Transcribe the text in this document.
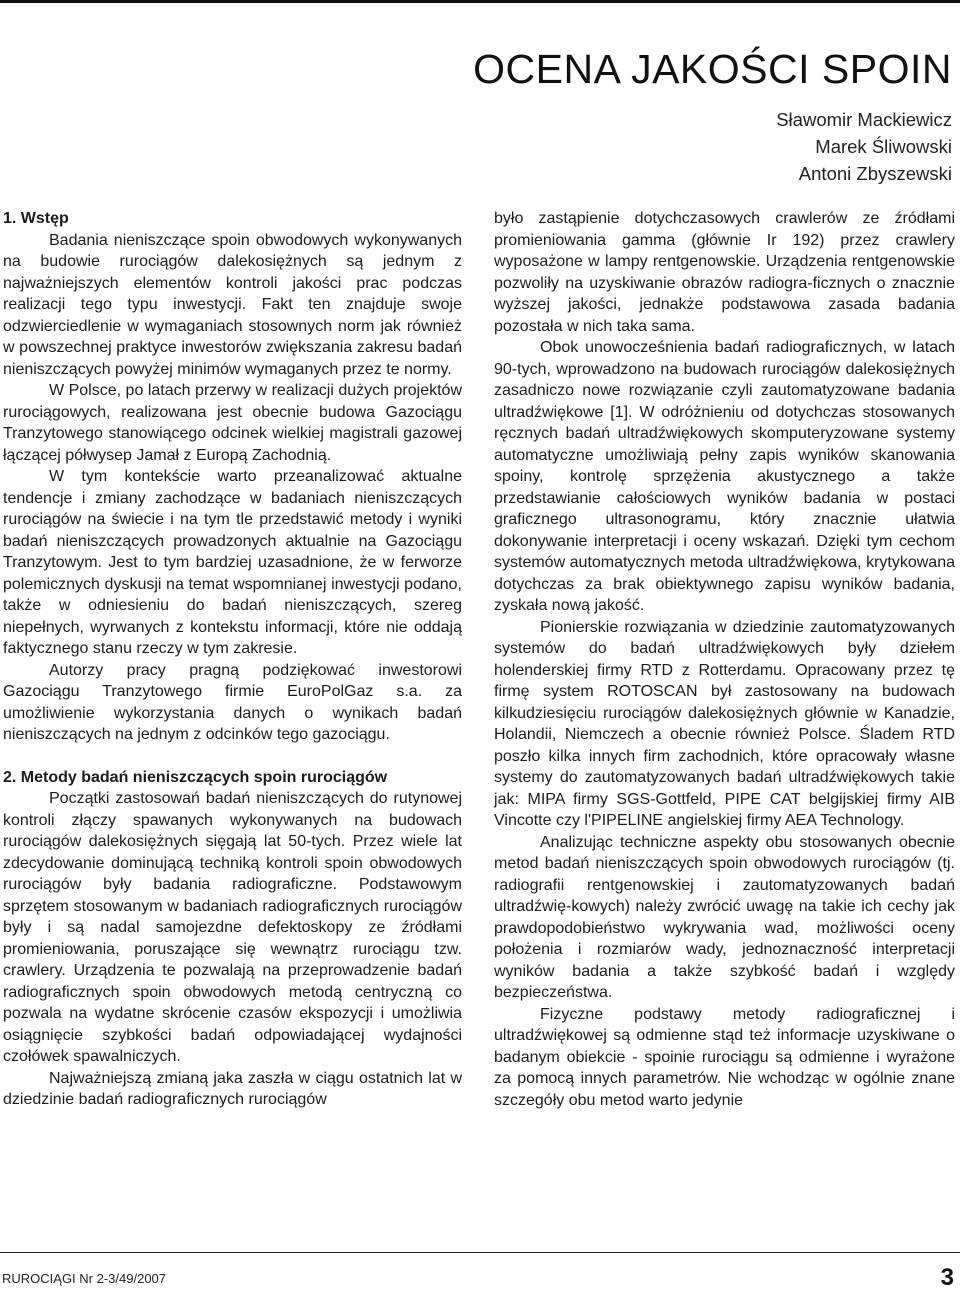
OCENA JAKOŚCI SPOIN
Sławomir Mackiewicz
Marek Śliwowski
Antoni Zbyszewski
1. Wstęp

Badania nieniszczące spoin obwodowych wykonywanych na budowie rurociągów dalekosiężnych są jednym z najważniejszych elementów kontroli jakości prac podczas realizacji tego typu inwestycji. Fakt ten znajduje swoje odzwierciedlenie w wymaganiach stosownych norm jak również w powszechnej praktyce inwestorów zwiększania zakresu badań nieniszczących powyżej minimów wymaganych przez te normy.

W Polsce, po latach przerwy w realizacji dużych projektów rurociągowych, realizowana jest obecnie budowa Gazociągu Tranzytowego stanowiącego odcinek wielkiej magistrali gazowej łączącej półwysep Jamał z Europą Zachodnią.

W tym kontekście warto przeanalizować aktualne tendencje i zmiany zachodzące w badaniach nieniszczących rurociągów na świecie i na tym tle przedstawić metody i wyniki badań nieniszczących prowadzonych aktualnie na Gazociągu Tranzytowym. Jest to tym bardziej uzasadnione, że w ferworze polemicznych dyskusji na temat wspomnianej inwestycji podano, także w odniesieniu do badań nieniszczących, szereg niepełnych, wyrwanych z kontekstu informacji, które nie oddają faktycznego stanu rzeczy w tym zakresie.

Autorzy pracy pragną podziękować inwestorowi Gazociągu Tranzytowego firmie EuroPolGaz s.a. za umożliwienie wykorzystania danych o wynikach badań nieniszczących na jednym z odcinków tego gazociągu.

2. Metody badań nieniszczących spoin rurociągów

Początki zastosowań badań nieniszczących do rutynowej kontroli złączy spawanych wykonywanych na budowach rurociągów dalekosiężnych sięgają lat 50-tych. Przez wiele lat zdecydowanie dominującą techniką kontroli spoin obwodowych rurociągów były badania radiograficzne. Podstawowym sprzętem stosowanym w badaniach radiograficznych rurociągów były i są nadal samojezdne defektoskopy ze źródłami promieniowania, poruszające się wewnątrz rurociągu tzw. crawlery. Urządzenia te pozwalają na przeprowadzenie badań radiograficznych spoin obwodowych metodą centryczną co pozwala na wydatne skrócenie czasów ekspozycji i umożliwia osiągnięcie szybkości badań odpowiadającej wydajności czołówek spawalniczych.

Najważniejszą zmianą jaka zaszła w ciągu ostatnich lat w dziedzinie badań radiograficznych rurociągów

było zastąpienie dotychczasowych crawlerów ze źródłami promieniowania gamma (głównie Ir 192) przez crawlery wyposażone w lampy rentgenowskie. Urządzenia rentgenowskie pozwoliły na uzyskiwanie obrazów radiogra-ficznych o znacznie wyższej jakości, jednakże podstawowa zasada badania pozostała w nich taka sama.

Obok unowocześnienia badań radiograficznych, w latach 90-tych, wprowadzono na budowach rurociągów dalekosiężnych zasadniczo nowe rozwiązanie czyli zautomatyzowane badania ultradźwiękowe [1]. W odróżnieniu od dotychczas stosowanych ręcznych badań ultradźwiękowych skomputeryzowane systemy automatyczne umożliwiają pełny zapis wyników skanowania spoiny, kontrolę sprzężenia akustycznego a także przedstawianie całościowych wyników badania w postaci graficznego ultrasonogramu, który znacznie ułatwia dokonywanie interpretacji i oceny wskazań. Dzięki tym cechom systemów automatycznych metoda ultradźwiękowa, krytykowana dotychczas za brak obiektywnego zapisu wyników badania, zyskała nową jakość.

Pionierskie rozwiązania w dziedzinie zautomatyzowanych systemów do badań ultradźwiękowych były dziełem holenderskiej firmy RTD z Rotterdamu. Opracowany przez tę firmę system ROTOSCAN był zastosowany na budowach kilkudziesięciu rurociągów dalekosiężnych głównie w Kanadzie, Holandii, Niemczech a obecnie również Polsce. Śladem RTD poszło kilka innych firm zachodnich, które opracowały własne systemy do zautomatyzowanych badań ultradźwiękowych takie jak: MIPA firmy SGS-Gottfeld, PIPE CAT belgijskiej firmy AIB Vincotte czy l'PIPELINE angielskiej firmy AEA Technology.

Analizując techniczne aspekty obu stosowanych obecnie metod badań nieniszczących spoin obwodowych rurociągów (tj. radiografii rentgenowskiej i zautomatyzowanych badań ultradźwię-kowych) należy zwrócić uwagę na takie ich cechy jak prawdopodobieństwo wykrywania wad, możliwości oceny położenia i rozmiarów wady, jednoznaczność interpretacji wyników badania a także szybkość badań i względy bezpieczeństwa.

Fizyczne podstawy metody radiograficznej i ultradźwiękowej są odmienne stąd też informacje uzyskiwane o badanym obiekcie - spoinie rurociągu są odmienne i wyrażone za pomocą innych parametrów. Nie wchodząc w ogólnie znane szczegóły obu metod warto jedynie

RUROCIĄGI Nr 2-3/49/2007	3
